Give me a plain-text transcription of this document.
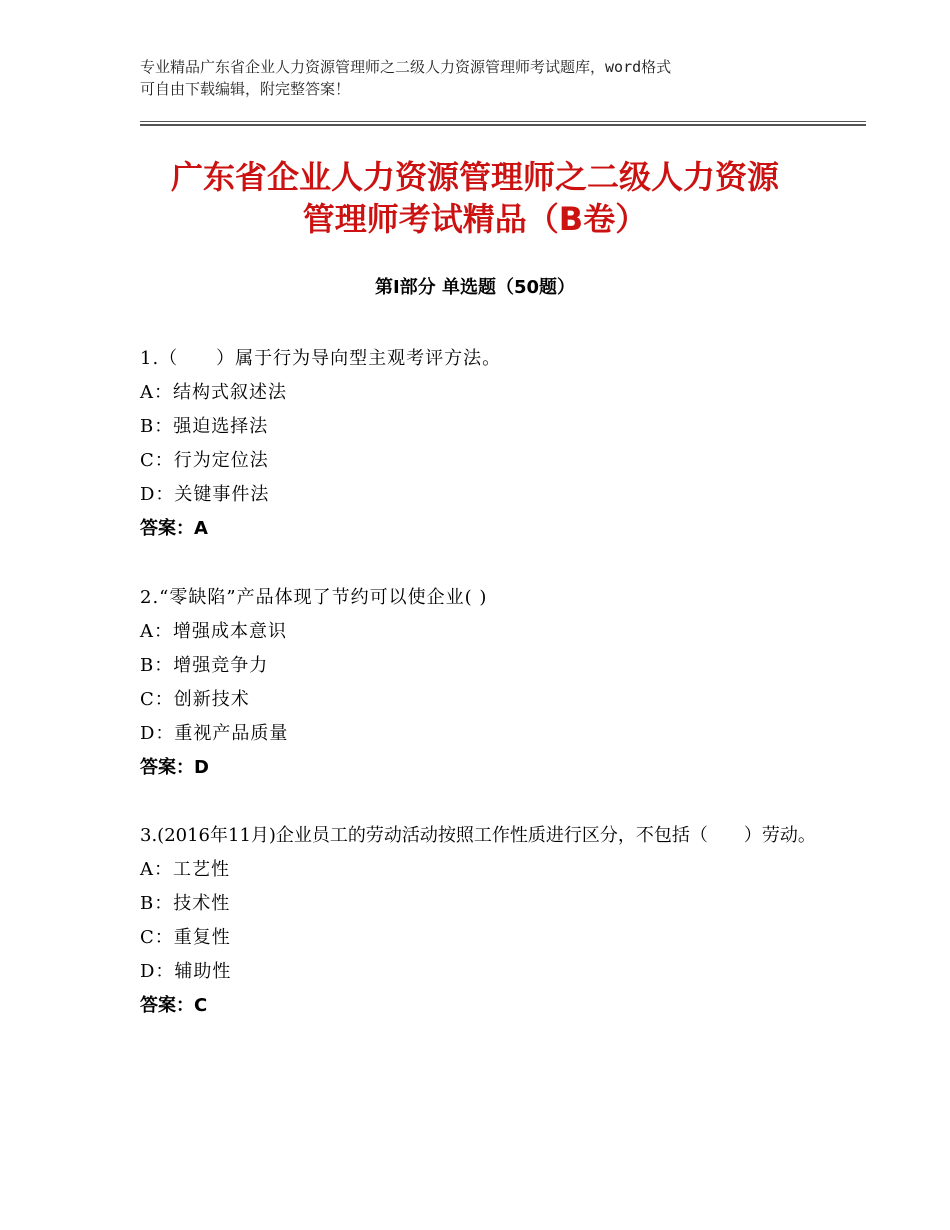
专业精品广东省企业人力资源管理师之二级人力资源管理师考试题库，word格式
可自由下载编辑，附完整答案！
广东省企业人力资源管理师之二级人力资源
管理师考试精品（B卷）
第Ⅰ部分 单选题（50题）
1.（　　）属于行为导向型主观考评方法。
A：结构式叙述法
B：强迫选择法
C：行为定位法
D：关键事件法
答案：A
2.“零缺陷”产品体现了节约可以使企业( )
A：增强成本意识
B：增强竞争力
C：创新技术
D：重视产品质量
答案：D
3.(2016年11月)企业员工的劳动活动按照工作性质进行区分，不包括（　　）劳动。
A：工艺性
B：技术性
C：重复性
D：辅助性
答案：C
